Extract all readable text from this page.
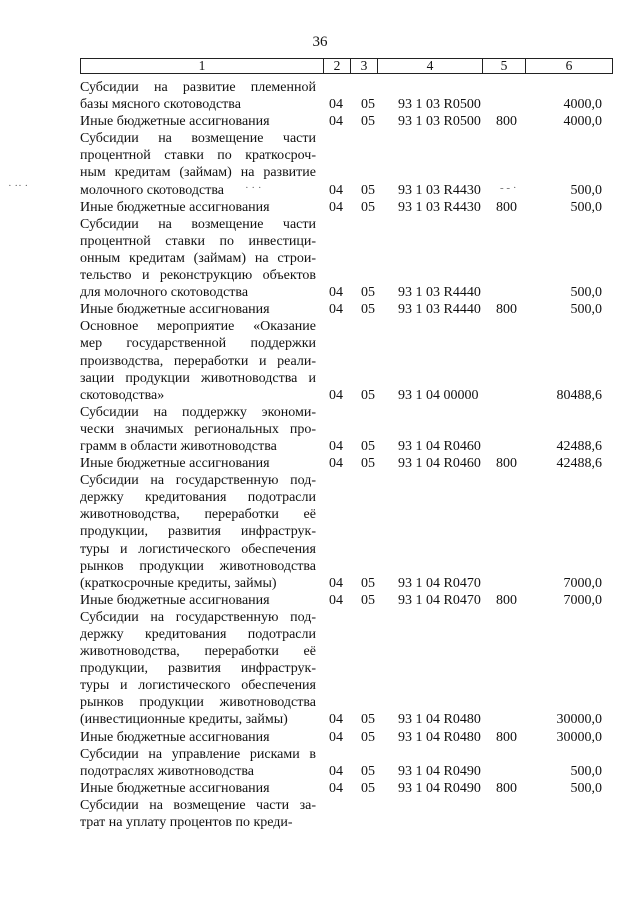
36
1	2	3	4	5	6
Субсидии на развитие племенной
базы мясного скотоводства	04 05 93 1 03 R0500	4000,0
Иные бюджетные ассигнования	04 05 93 1 03 R0500 800	4000,0
Субсидии на возмещение части
процентной ставки по краткосроч-
ным кредитам (займам) на развитие
молочного скотоводства	04 05 93 1 03 R4430	500,0
Иные бюджетные ассигнования	04 05 93 1 03 R4430 800	500,0
Субсидии на возмещение части
процентной ставки по инвестици-
онным кредитам (займам) на строи-
тельство и реконструкцию объектов
для молочного скотоводства	04 05 93 1 03 R4440	500,0
Иные бюджетные ассигнования	04 05 93 1 03 R4440 800	500,0
Основное мероприятие «Оказание
мер государственной поддержки
производства, переработки и реали-
зации продукции животноводства и
скотоводства»	04 05 93 1 04 00000	80488,6
Субсидии на поддержку экономи-
чески значимых региональных про-
грамм в области животноводства	04 05 93 1 04 R0460	42488,6
Иные бюджетные ассигнования	04 05 93 1 04 R0460 800	42488,6
Субсидии на государственную под-
держку кредитования подотрасли
животноводства, переработки её
продукции, развития инфраструк-
туры и логистического обеспечения
рынков продукции животноводства
(краткосрочные кредиты, займы)	04 05 93 1 04 R0470	7000,0
Иные бюджетные ассигнования	04 05 93 1 04 R0470 800	7000,0
Субсидии на государственную под-
держку кредитования подотрасли
животноводства, переработки её
продукции, развития инфраструк-
туры и логистического обеспечения
рынков продукции животноводства
(инвестиционные кредиты, займы)	04 05 93 1 04 R0480	30000,0
Иные бюджетные ассигнования	04 05 93 1 04 R0480 800	30000,0
Субсидии на управление рисками в
подотраслях животноводства	04 05 93 1 04 R0490	500,0
Иные бюджетные ассигнования	04 05 93 1 04 R0490 800	500,0
Субсидии на возмещение части за-
трат на уплату процентов по креди-
· ·· ·	· · ·	- - ·
